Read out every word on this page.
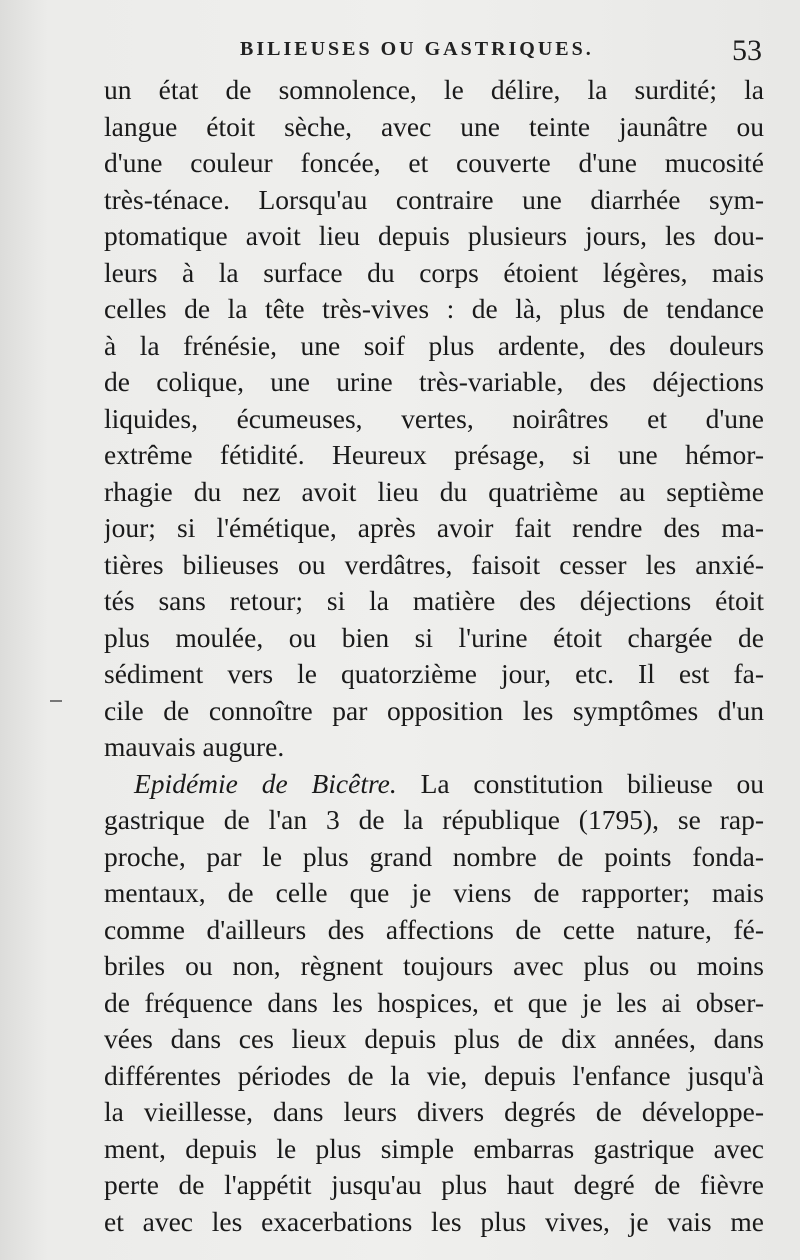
BILIEUSES OU GASTRIQUES.	53
un état de somnolence, le délire, la surdité; la
langue étoit sèche, avec une teinte jaunâtre ou
d'une couleur foncée, et couverte d'une mucosité
très-ténace. Lorsqu'au contraire une diarrhée sym-
ptomatique avoit lieu depuis plusieurs jours, les dou-
leurs à la surface du corps étoient légères, mais
celles de la tête très-vives : de là, plus de tendance
à la frénésie, une soif plus ardente, des douleurs
de colique, une urine très-variable, des déjections
liquides, écumeuses, vertes, noirâtres et d'une
extrême fétidité. Heureux présage, si une hémor-
rhagie du nez avoit lieu du quatrième au septième
jour; si l'émétique, après avoir fait rendre des ma-
tières bilieuses ou verdâtres, faisoit cesser les anxié-
tés sans retour; si la matière des déjections étoit
plus moulée, ou bien si l'urine étoit chargée de
sédiment vers le quatorzième jour, etc. Il est fa-
cile de connoître par opposition les symptômes d'un
mauvais augure.
Epidémie de Bicêtre. La constitution bilieuse ou
gastrique de l'an 3 de la république (1795), se rap-
proche, par le plus grand nombre de points fonda-
mentaux, de celle que je viens de rapporter; mais
comme d'ailleurs des affections de cette nature, fé-
briles ou non, règnent toujours avec plus ou moins
de fréquence dans les hospices, et que je les ai obser-
vées dans ces lieux depuis plus de dix années, dans
différentes périodes de la vie, depuis l'enfance jusqu'à
la vieillesse, dans leurs divers degrés de développe-
ment, depuis le plus simple embarras gastrique avec
perte de l'appétit jusqu'au plus haut degré de fièvre
et avec les exacerbations les plus vives, je vais me
